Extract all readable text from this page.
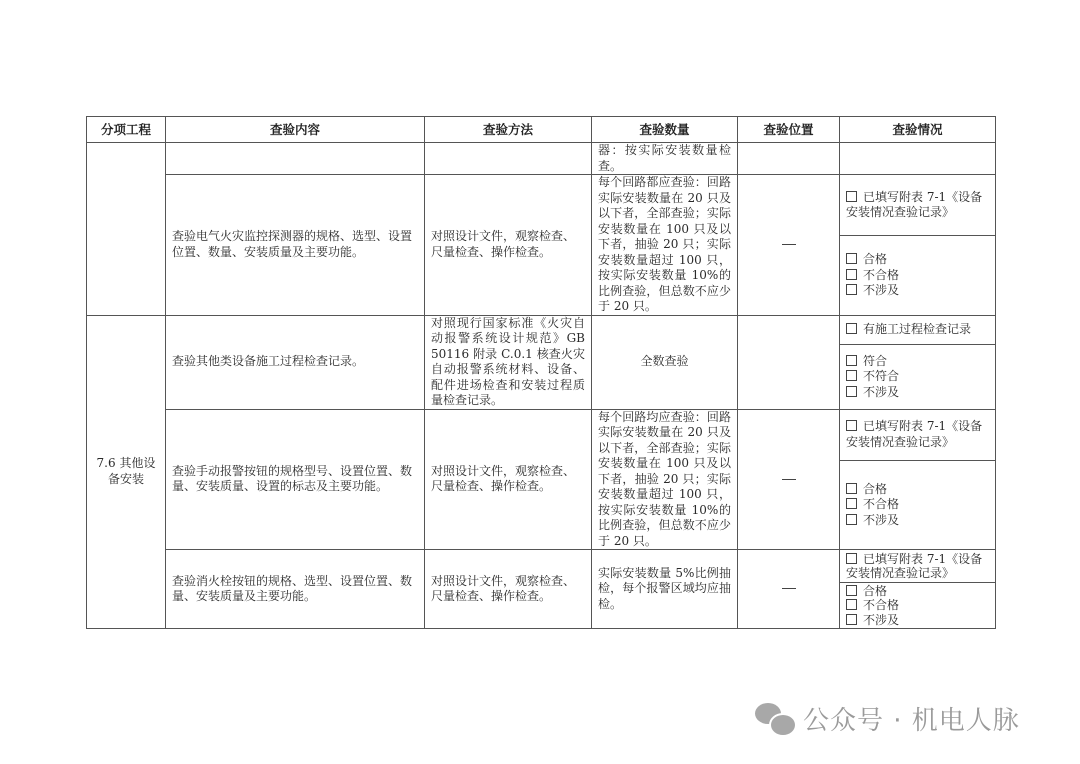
分项工程	查验内容	查验方法	查验数量	查验位置	查验情况
			器：按实际安装数量检查。		
	查验电气火灾监控探测器的规格、选型、设置位置、数量、安装质量及主要功能。	对照设计文件，观察检查、尺量检查、操作检查。	每个回路都应查验：回路实际安装数量在 20 只及以下者，全部查验；实际安装数量在 100 只及以下者，抽验 20 只；实际安装数量超过 100 只，按实际安装数量 10%的比例查验，但总数不应少于 20 只。		已填写附表 7-1《设备安装情况查验记录》

					合格
不合格
不涉及

7.6 其他设备安装	查验其他类设备施工过程检查记录。	对照现行国家标准《火灾自动报警系统设计规范》GB 50116 附录 C.0.1 核查火灾自动报警系统材料、设备、配件进场检查和安装过程质量检查记录。	全数查验		有施工过程检查记录

					符合
不符合
不涉及

	查验手动报警按钮的规格型号、设置位置、数量、安装质量、设置的标志及主要功能。	对照设计文件，观察检查、尺量检查、操作检查。	每个回路均应查验：回路实际安装数量在 20 只及以下者，全部查验；实际安装数量在 100 只及以下者，抽验 20 只；实际安装数量超过 100 只，按实际安装数量 10%的比例查验，但总数不应少于 20 只。		已填写附表 7-1《设备安装情况查验记录》

					合格
不合格
不涉及

	查验消火栓按钮的规格、选型、设置位置、数量、安装质量及主要功能。	对照设计文件，观察检查、尺量检查、操作检查。	实际安装数量 5%比例抽检，每个报警区域均应抽检。		已填写附表 7-1《设备安装情况查验记录》

					合格
不合格
不涉及
公众号 · 机电人脉
